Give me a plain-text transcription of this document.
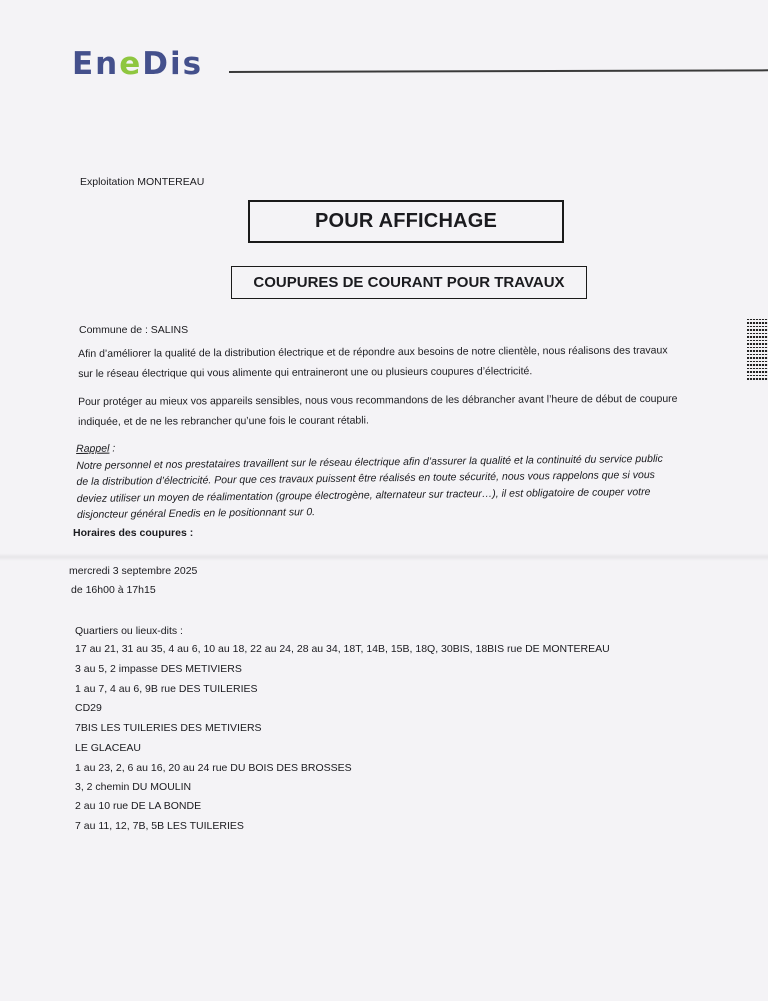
EneDis
Exploitation MONTEREAU
POUR AFFICHAGE
COUPURES DE COURANT POUR TRAVAUX
Commune de : SALINS
Afin d’améliorer la qualité de la distribution électrique et de répondre aux besoins de notre clientèle, nous réalisons des travaux
sur le réseau électrique qui vous alimente qui entraineront une ou plusieurs coupures d’électricité.
Pour protéger au mieux vos appareils sensibles, nous vous recommandons de les débrancher avant l’heure de début de coupure
indiquée, et de ne les rebrancher qu’une fois le courant rétabli.
Rappel :
Notre personnel et nos prestataires travaillent sur le réseau électrique afin d’assurer la qualité et la continuité du service public
de la distribution d’électricité. Pour que ces travaux puissent être réalisés en toute sécurité, nous vous rappelons que si vous
deviez utiliser un moyen de réalimentation (groupe électrogène, alternateur sur tracteur…), il est obligatoire de couper votre
disjoncteur général Enedis en le positionnant sur 0.
Horaires des coupures :
mercredi 3 septembre 2025
de 16h00 à 17h15
Quartiers ou lieux-dits :
17 au 21, 31 au 35, 4 au 6, 10 au 18, 22 au 24, 28 au 34, 18T, 14B, 15B, 18Q, 30BIS, 18BIS rue DE MONTEREAU
3 au 5, 2 impasse DES METIVIERS
1 au 7, 4 au 6, 9B rue DES TUILERIES
CD29
7BIS LES TUILERIES DES METIVIERS
LE GLACEAU
1 au 23, 2, 6 au 16, 20 au 24 rue DU BOIS DES BROSSES
3, 2 chemin DU MOULIN
2 au 10 rue DE LA BONDE
7 au 11, 12, 7B, 5B LES TUILERIES
